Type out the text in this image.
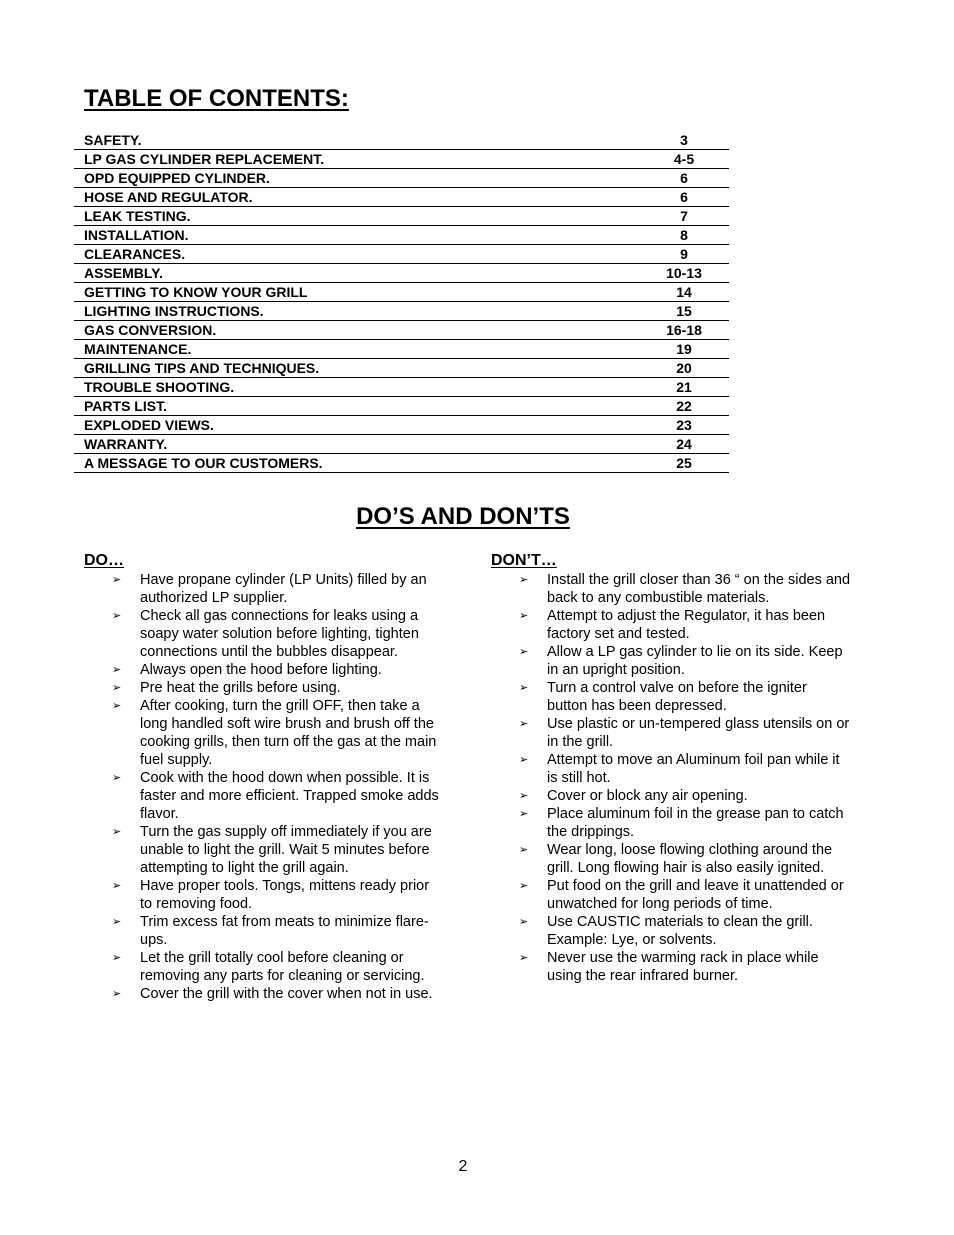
TABLE OF CONTENTS:
SAFETY.	3
LP GAS CYLINDER REPLACEMENT.	4-5
OPD EQUIPPED CYLINDER.	6
HOSE AND REGULATOR.	6
LEAK TESTING.	7
INSTALLATION.	8
CLEARANCES.	9
ASSEMBLY.	10-13
GETTING TO KNOW YOUR GRILL	14
LIGHTING INSTRUCTIONS.	15
GAS CONVERSION.	16-18
MAINTENANCE.	19
GRILLING TIPS AND TECHNIQUES.	20
TROUBLE SHOOTING.	21
PARTS LIST.	22
EXPLODED VIEWS.	23
WARRANTY.	24
A MESSAGE TO OUR CUSTOMERS.	25
DO’S AND DON’TS
DO…
➢ Have propane cylinder (LP Units) filled by an authorized LP supplier.
➢ Check all gas connections for leaks using a soapy water solution before lighting, tighten connections until the bubbles disappear.
➢ Always open the hood before lighting.
➢ Pre heat the grills before using.
➢ After cooking, turn the grill OFF, then take a long handled soft wire brush and brush off the cooking grills, then turn off the gas at the main fuel supply.
➢ Cook with the hood down when possible. It is faster and more efficient. Trapped smoke adds flavor.
➢ Turn the gas supply off immediately if you are unable to light the grill. Wait 5 minutes before attempting to light the grill again.
➢ Have proper tools. Tongs, mittens ready prior to removing food.
➢ Trim excess fat from meats to minimize flare-ups.
➢ Let the grill totally cool before cleaning or removing any parts for cleaning or servicing.
➢ Cover the grill with the cover when not in use.
DON’T…
➢ Install the grill closer than 36 “ on the sides and back to any combustible materials.
➢ Attempt to adjust the Regulator, it has been factory set and tested.
➢ Allow a LP gas cylinder to lie on its side. Keep in an upright position.
➢ Turn a control valve on before the igniter button has been depressed.
➢ Use plastic or un-tempered glass utensils on or in the grill.
➢ Attempt to move an Aluminum foil pan while it is still hot.
➢ Cover or block any air opening.
➢ Place aluminum foil in the grease pan to catch the drippings.
➢ Wear long, loose flowing clothing around the grill. Long flowing hair is also easily ignited.
➢ Put food on the grill and leave it unattended or unwatched for long periods of time.
➢ Use CAUSTIC materials to clean the grill. Example: Lye, or solvents.
➢ Never use the warming rack in place while using the rear infrared burner.
2
